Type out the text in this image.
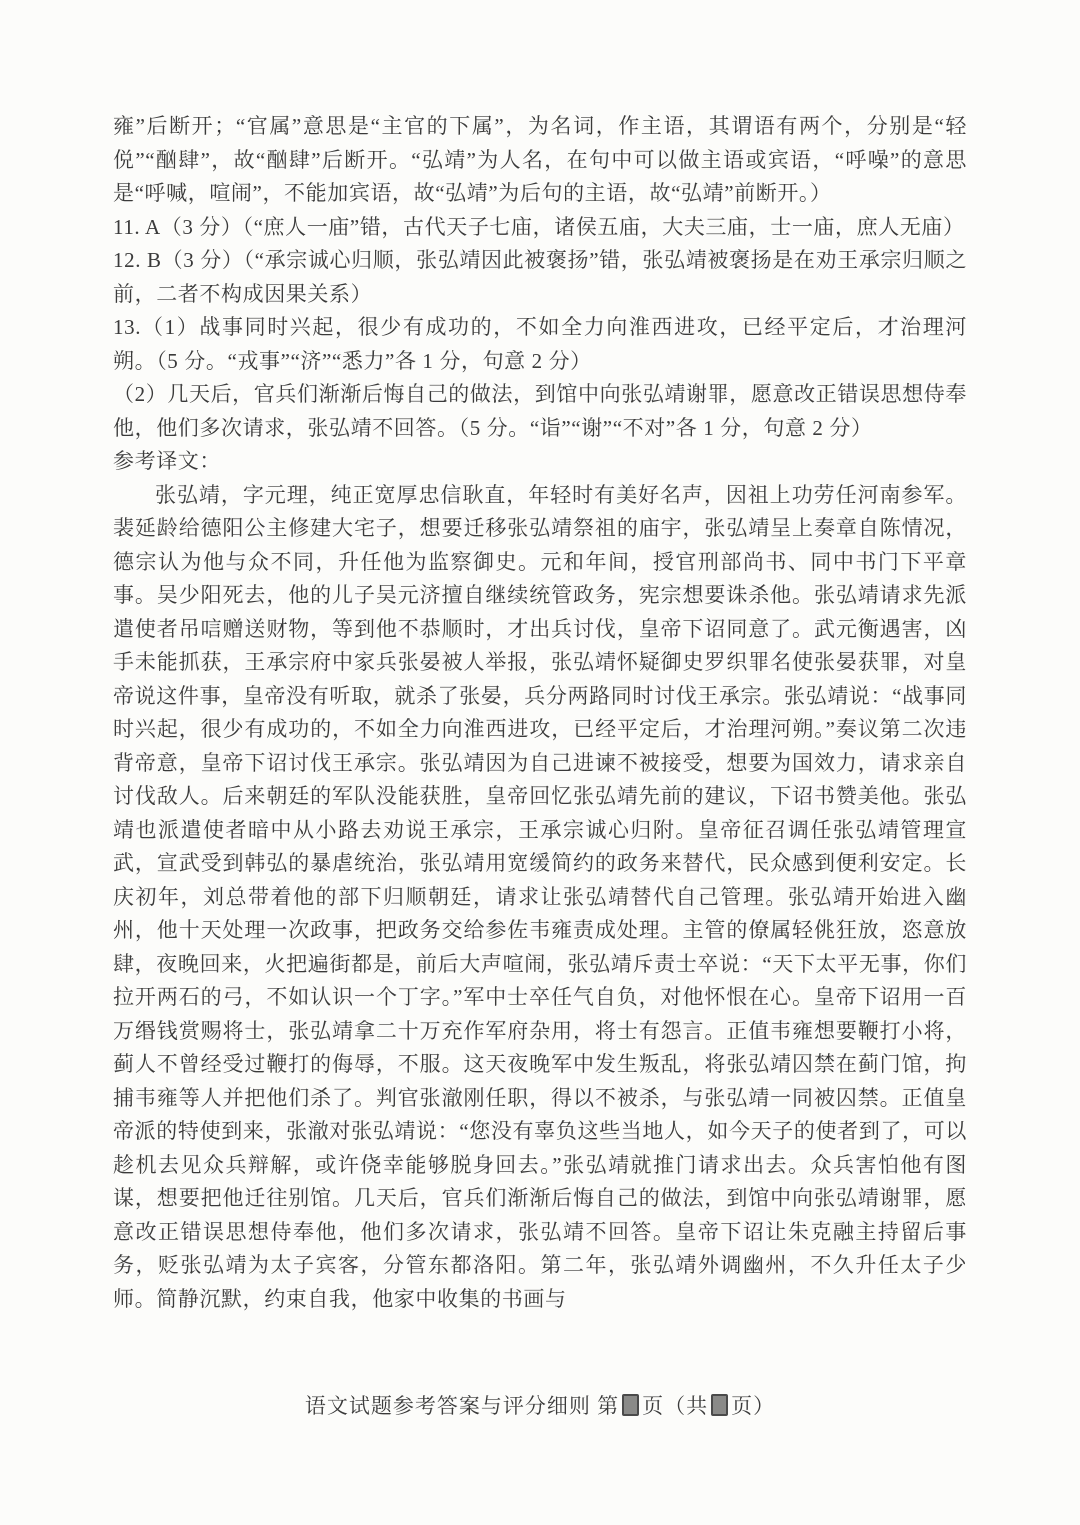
雍”后断开；“官属”意思是“主官的下属”，为名词，作主语，其谓语有两个，分别是“轻侻”“酗肆”，故“酗肆”后断开。“弘靖”为人名，在句中可以做主语或宾语，“呼噪”的意思是“呼喊，喧闹”，不能加宾语，故“弘靖”为后句的主语，故“弘靖”前断开。）

11. A（3 分）（“庶人一庙”错，古代天子七庙，诸侯五庙，大夫三庙，士一庙，庶人无庙）

12. B（3 分）（“承宗诚心归顺，张弘靖因此被褒扬”错，张弘靖被褒扬是在劝王承宗归顺之前，二者不构成因果关系）

13.（1）战事同时兴起，很少有成功的，不如全力向淮西进攻，已经平定后，才治理河朔。（5 分。“戎事”“济”“悉力”各 1 分，句意 2 分）

（2）几天后，官兵们渐渐后悔自己的做法，到馆中向张弘靖谢罪，愿意改正错误思想侍奉他，他们多次请求，张弘靖不回答。（5 分。“诣”“谢”“不对”各 1 分，句意 2 分）

参考译文：

张弘靖，字元理，纯正宽厚忠信耿直，年轻时有美好名声，因祖上功劳任河南参军。裴延龄给德阳公主修建大宅子，想要迁移张弘靖祭祖的庙宇，张弘靖呈上奏章自陈情况，德宗认为他与众不同，升任他为监察御史。元和年间，授官刑部尚书、同中书门下平章事。吴少阳死去，他的儿子吴元济擅自继续统管政务，宪宗想要诛杀他。张弘靖请求先派遣使者吊唁赠送财物，等到他不恭顺时，才出兵讨伐，皇帝下诏同意了。武元衡遇害，凶手未能抓获，王承宗府中家兵张晏被人举报，张弘靖怀疑御史罗织罪名使张晏获罪，对皇帝说这件事，皇帝没有听取，就杀了张晏，兵分两路同时讨伐王承宗。张弘靖说：“战事同时兴起，很少有成功的，不如全力向淮西进攻，已经平定后，才治理河朔。”奏议第二次违背帝意，皇帝下诏讨伐王承宗。张弘靖因为自己进谏不被接受，想要为国效力，请求亲自讨伐敌人。后来朝廷的军队没能获胜，皇帝回忆张弘靖先前的建议，下诏书赞美他。张弘靖也派遣使者暗中从小路去劝说王承宗，王承宗诚心归附。皇帝征召调任张弘靖管理宣武，宣武受到韩弘的暴虐统治，张弘靖用宽缓简约的政务来替代，民众感到便利安定。长庆初年，刘总带着他的部下归顺朝廷，请求让张弘靖替代自己管理。张弘靖开始进入幽州，他十天处理一次政事，把政务交给参佐韦雍责成处理。主管的僚属轻佻狂放，恣意放肆，夜晚回来，火把遍街都是，前后大声喧闹，张弘靖斥责士卒说：“天下太平无事，你们拉开两石的弓，不如认识一个丁字。”军中士卒任气自负，对他怀恨在心。皇帝下诏用一百万缗钱赏赐将士，张弘靖拿二十万充作军府杂用，将士有怨言。正值韦雍想要鞭打小将，蓟人不曾经受过鞭打的侮辱，不服。这天夜晚军中发生叛乱，将张弘靖囚禁在蓟门馆，拘捕韦雍等人并把他们杀了。判官张澈刚任职，得以不被杀，与张弘靖一同被囚禁。正值皇帝派的特使到来，张澈对张弘靖说：“您没有辜负这些当地人，如今天子的使者到了，可以趁机去见众兵辩解，或许侥幸能够脱身回去。”张弘靖就推门请求出去。众兵害怕他有图谋，想要把他迁往别馆。几天后，官兵们渐渐后悔自己的做法，到馆中向张弘靖谢罪，愿意改正错误思想侍奉他，他们多次请求，张弘靖不回答。皇帝下诏让朱克融主持留后事务，贬张弘靖为太子宾客，分管东都洛阳。第二年，张弘靖外调幽州，不久升任太子少师。简静沉默，约束自我，他家中收集的书画与

语文试题参考答案与评分细则 第 页（共 页）
